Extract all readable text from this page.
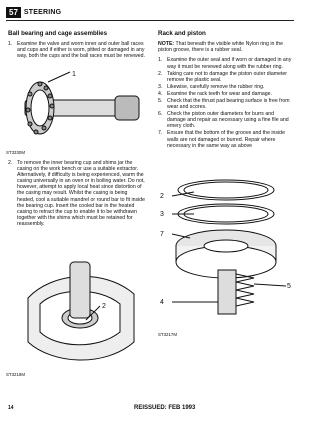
57 STEERING
Ball bearing and cage assemblies
1. Examine the valve and worm inner and outer ball races and cups and if either is worn, pitted or damaged in any way, both the cups and the ball races must be renewed.
1
ST3330M
2. To remove the inner bearing cup and shims jar the casing on the work bench or use a suitable extractor. Alternatively, if difficulty is being experienced, warm the casing universally in an oven or in boiling water. Do not, however, attempt to apply local heat since distortion of the casing may result. Whilst the casing is being heated, cool a suitable mandrel or round bar to fit inside the bearing cup. Insert the cooled bar in the heated casing to retract the cup to enable it to be withdrawn together with the shims which must be retained for reassembly.
2
ST3218M
Rack and piston
NOTE: That beneath the visible white Nylon ring in the piston groove, there is a rubber seal.
1. Examine the outer seal and if worn or damaged in any way it must be renewed along with the rubber ring.
2. Taking care not to damage the piston outer diameter remove the plastic seal.
3. Likewise, carefully remove the rubber ring.
4. Examine the rack teeth for wear and damage.
5. Check that the thrust pad bearing surface is free from wear and scores.
6. Check the piston outer diameters for burrs and damage and repair as necessary using a fine file and emery cloth.
7. Ensure that the bottom of the groove and the inside walls are not damaged or burred. Repair where necessary in the same way as above
2
3
7
4
5
ST3217M
14	REISSUED: FEB 1993
